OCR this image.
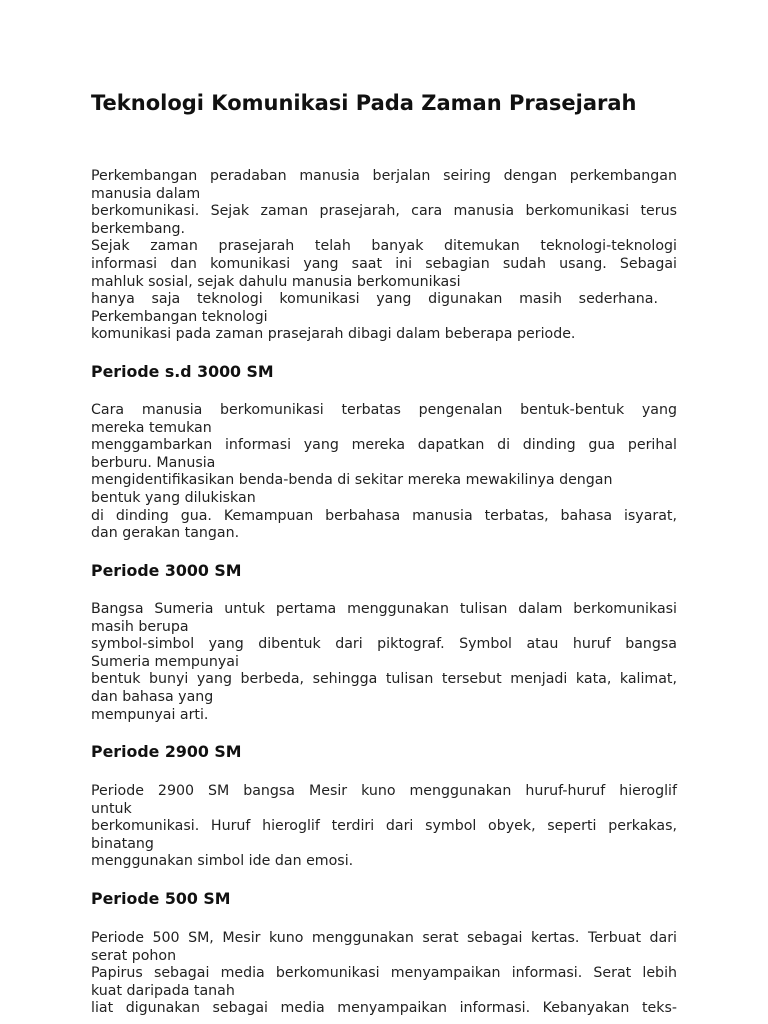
Teknologi Komunikasi Pada Zaman Prasejarah
Perkembangan peradaban manusia berjalan seiring dengan perkembangan
manusia dalam
berkomunikasi. Sejak zaman prasejarah, cara manusia berkomunikasi terus
berkembang.
Sejak zaman prasejarah telah banyak ditemukan teknologi-teknologi
informasi dan komunikasi yang saat ini sebagian sudah usang. Sebagai
mahluk sosial, sejak dahulu manusia berkomunikasi
hanya saja teknologi komunikasi yang digunakan masih sederhana.
Perkembangan teknologi
komunikasi pada zaman prasejarah dibagi dalam beberapa periode.
Periode s.d 3000 SM
Cara manusia berkomunikasi terbatas pengenalan bentuk-bentuk yang
mereka temukan
menggambarkan informasi yang mereka dapatkan di dinding gua perihal
berburu. Manusia
mengidentifikasikan benda-benda di sekitar mereka mewakilinya dengan
bentuk yang dilukiskan
di dinding gua. Kemampuan berbahasa manusia terbatas, bahasa isyarat,
dan gerakan tangan.
Periode 3000 SM
Bangsa Sumeria untuk pertama menggunakan tulisan dalam berkomunikasi
masih berupa
symbol-simbol yang dibentuk dari piktograf. Symbol atau huruf bangsa
Sumeria mempunyai
bentuk bunyi yang berbeda, sehingga tulisan tersebut menjadi kata, kalimat,
dan bahasa yang
mempunyai arti.
Periode 2900 SM
Periode 2900 SM bangsa Mesir kuno menggunakan huruf-huruf hieroglif
untuk
berkomunikasi. Huruf hieroglif terdiri dari symbol obyek, seperti perkakas,
binatang
menggunakan simbol ide dan emosi.
Periode 500 SM
Periode 500 SM, Mesir kuno menggunakan serat sebagai kertas. Terbuat dari
serat pohon
Papirus sebagai media berkomunikasi menyampaikan informasi. Serat lebih
kuat daripada tanah
liat digunakan sebagai media menyampaikan informasi. Kebanyakan teks-
